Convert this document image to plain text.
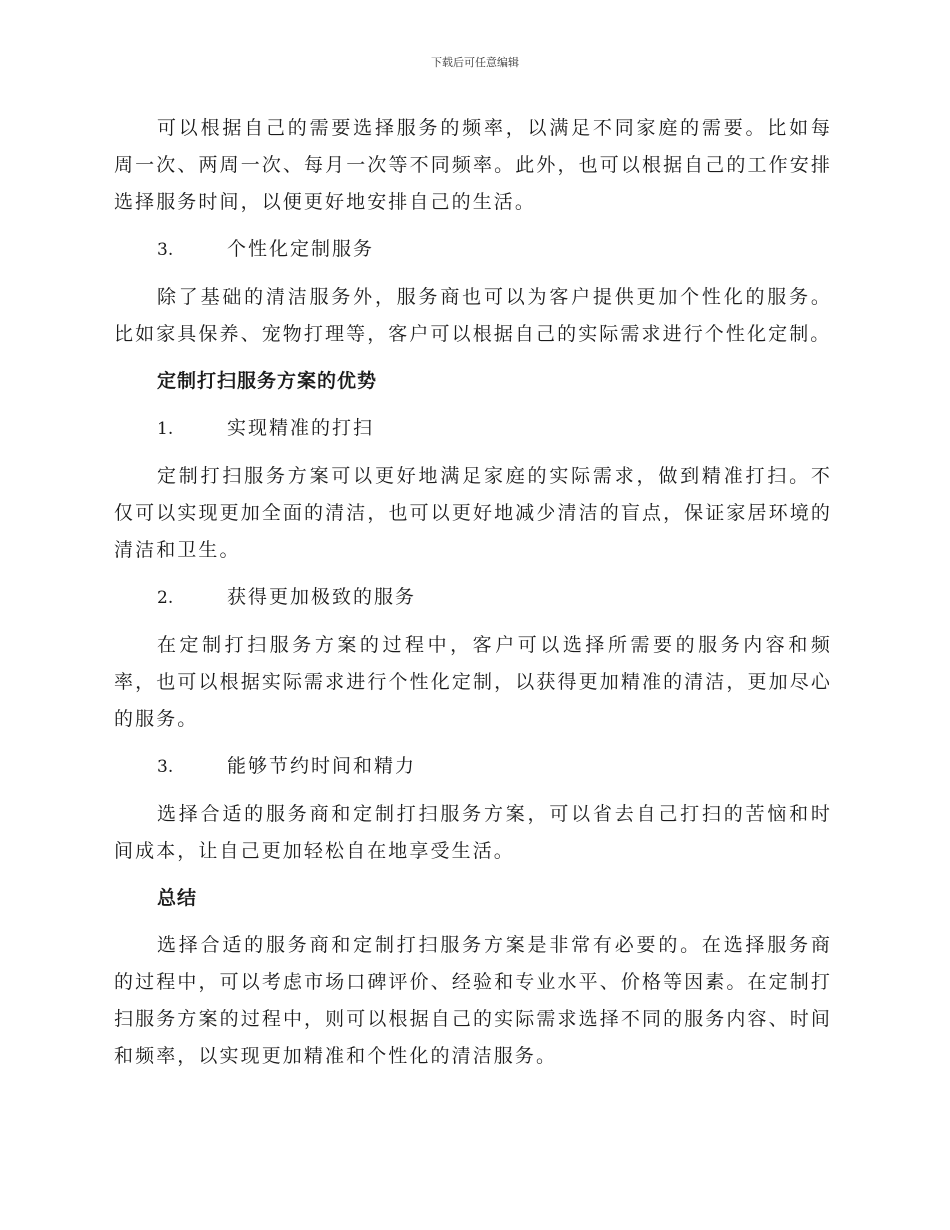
下载后可任意编辑

可以根据自己的需要选择服务的频率，以满足不同家庭的需要。比如每周一次、两周一次、每月一次等不同频率。此外，也可以根据自己的工作安排选择服务时间，以便更好地安排自己的生活。

3.	个性化定制服务

除了基础的清洁服务外，服务商也可以为客户提供更加个性化的服务。比如家具保养、宠物打理等，客户可以根据自己的实际需求进行个性化定制。

定制打扫服务方案的优势
1.	实现精准的打扫

定制打扫服务方案可以更好地满足家庭的实际需求，做到精准打扫。不仅可以实现更加全面的清洁，也可以更好地减少清洁的盲点，保证家居环境的清洁和卫生。

2.	获得更加极致的服务

在定制打扫服务方案的过程中，客户可以选择所需要的服务内容和频率，也可以根据实际需求进行个性化定制，以获得更加精准的清洁，更加尽心的服务。

3.	能够节约时间和精力

选择合适的服务商和定制打扫服务方案，可以省去自己打扫的苦恼和时间成本，让自己更加轻松自在地享受生活。

总结

选择合适的服务商和定制打扫服务方案是非常有必要的。在选择服务商的过程中，可以考虑市场口碑评价、经验和专业水平、价格等因素。在定制打扫服务方案的过程中，则可以根据自己的实际需求选择不同的服务内容、时间和频率，以实现更加精准和个性化的清洁服务。
